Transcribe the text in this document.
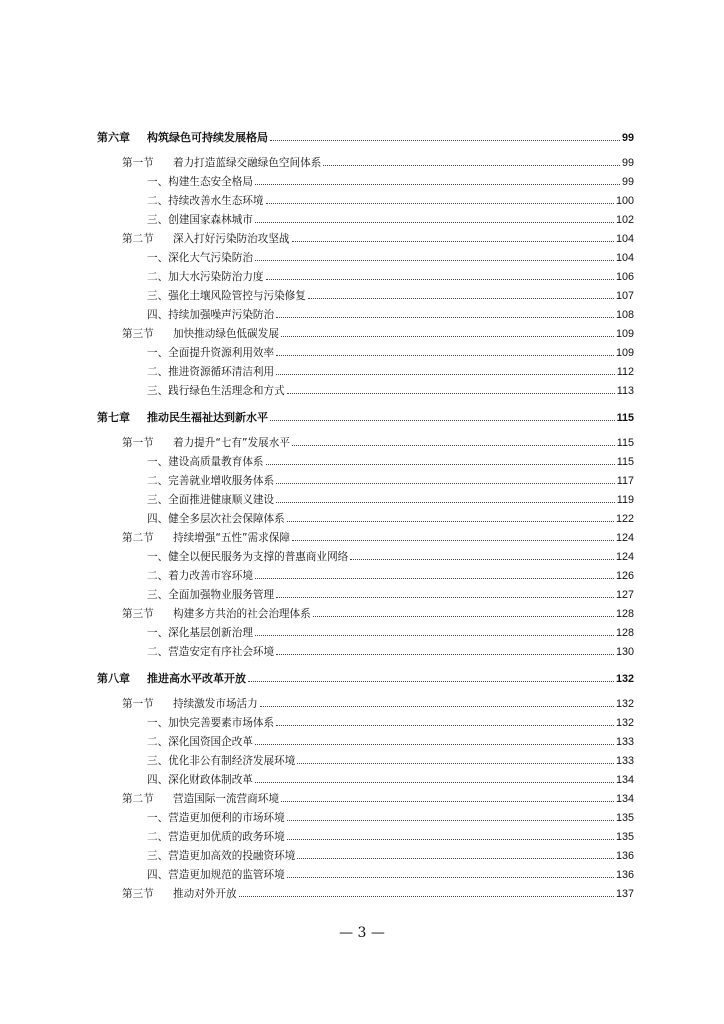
第六章 构筑绿色可持续发展格局	99
第一节 着力打造蓝绿交融绿色空间体系	99
一、构建生态安全格局	99
二、持续改善水生态环境	100
三、创建国家森林城市	102
第二节 深入打好污染防治攻坚战	104
一、深化大气污染防治	104
二、加大水污染防治力度	106
三、强化土壤风险管控与污染修复	107
四、持续加强噪声污染防治	108
第三节 加快推动绿色低碳发展	109
一、全面提升资源利用效率	109
二、推进资源循环清洁利用	112
三、践行绿色生活理念和方式	113
第七章 推动民生福祉达到新水平	115
第一节 着力提升“七有”发展水平	115
一、建设高质量教育体系	115
二、完善就业增收服务体系	117
三、全面推进健康顺义建设	119
四、健全多层次社会保障体系	122
第二节 持续增强“五性”需求保障	124
一、健全以便民服务为支撑的普惠商业网络	124
二、着力改善市容环境	126
三、全面加强物业服务管理	127
第三节 构建多方共治的社会治理体系	128
一、深化基层创新治理	128
二、营造安定有序社会环境	130
第八章 推进高水平改革开放	132
第一节 持续激发市场活力	132
一、加快完善要素市场体系	132
二、深化国资国企改革	133
三、优化非公有制经济发展环境	133
四、深化财政体制改革	134
第二节 营造国际一流营商环境	134
一、营造更加便利的市场环境	135
二、营造更加优质的政务环境	135
三、营造更加高效的投融资环境	136
四、营造更加规范的监管环境	136
第三节 推动对外开放	137
— 3 —
